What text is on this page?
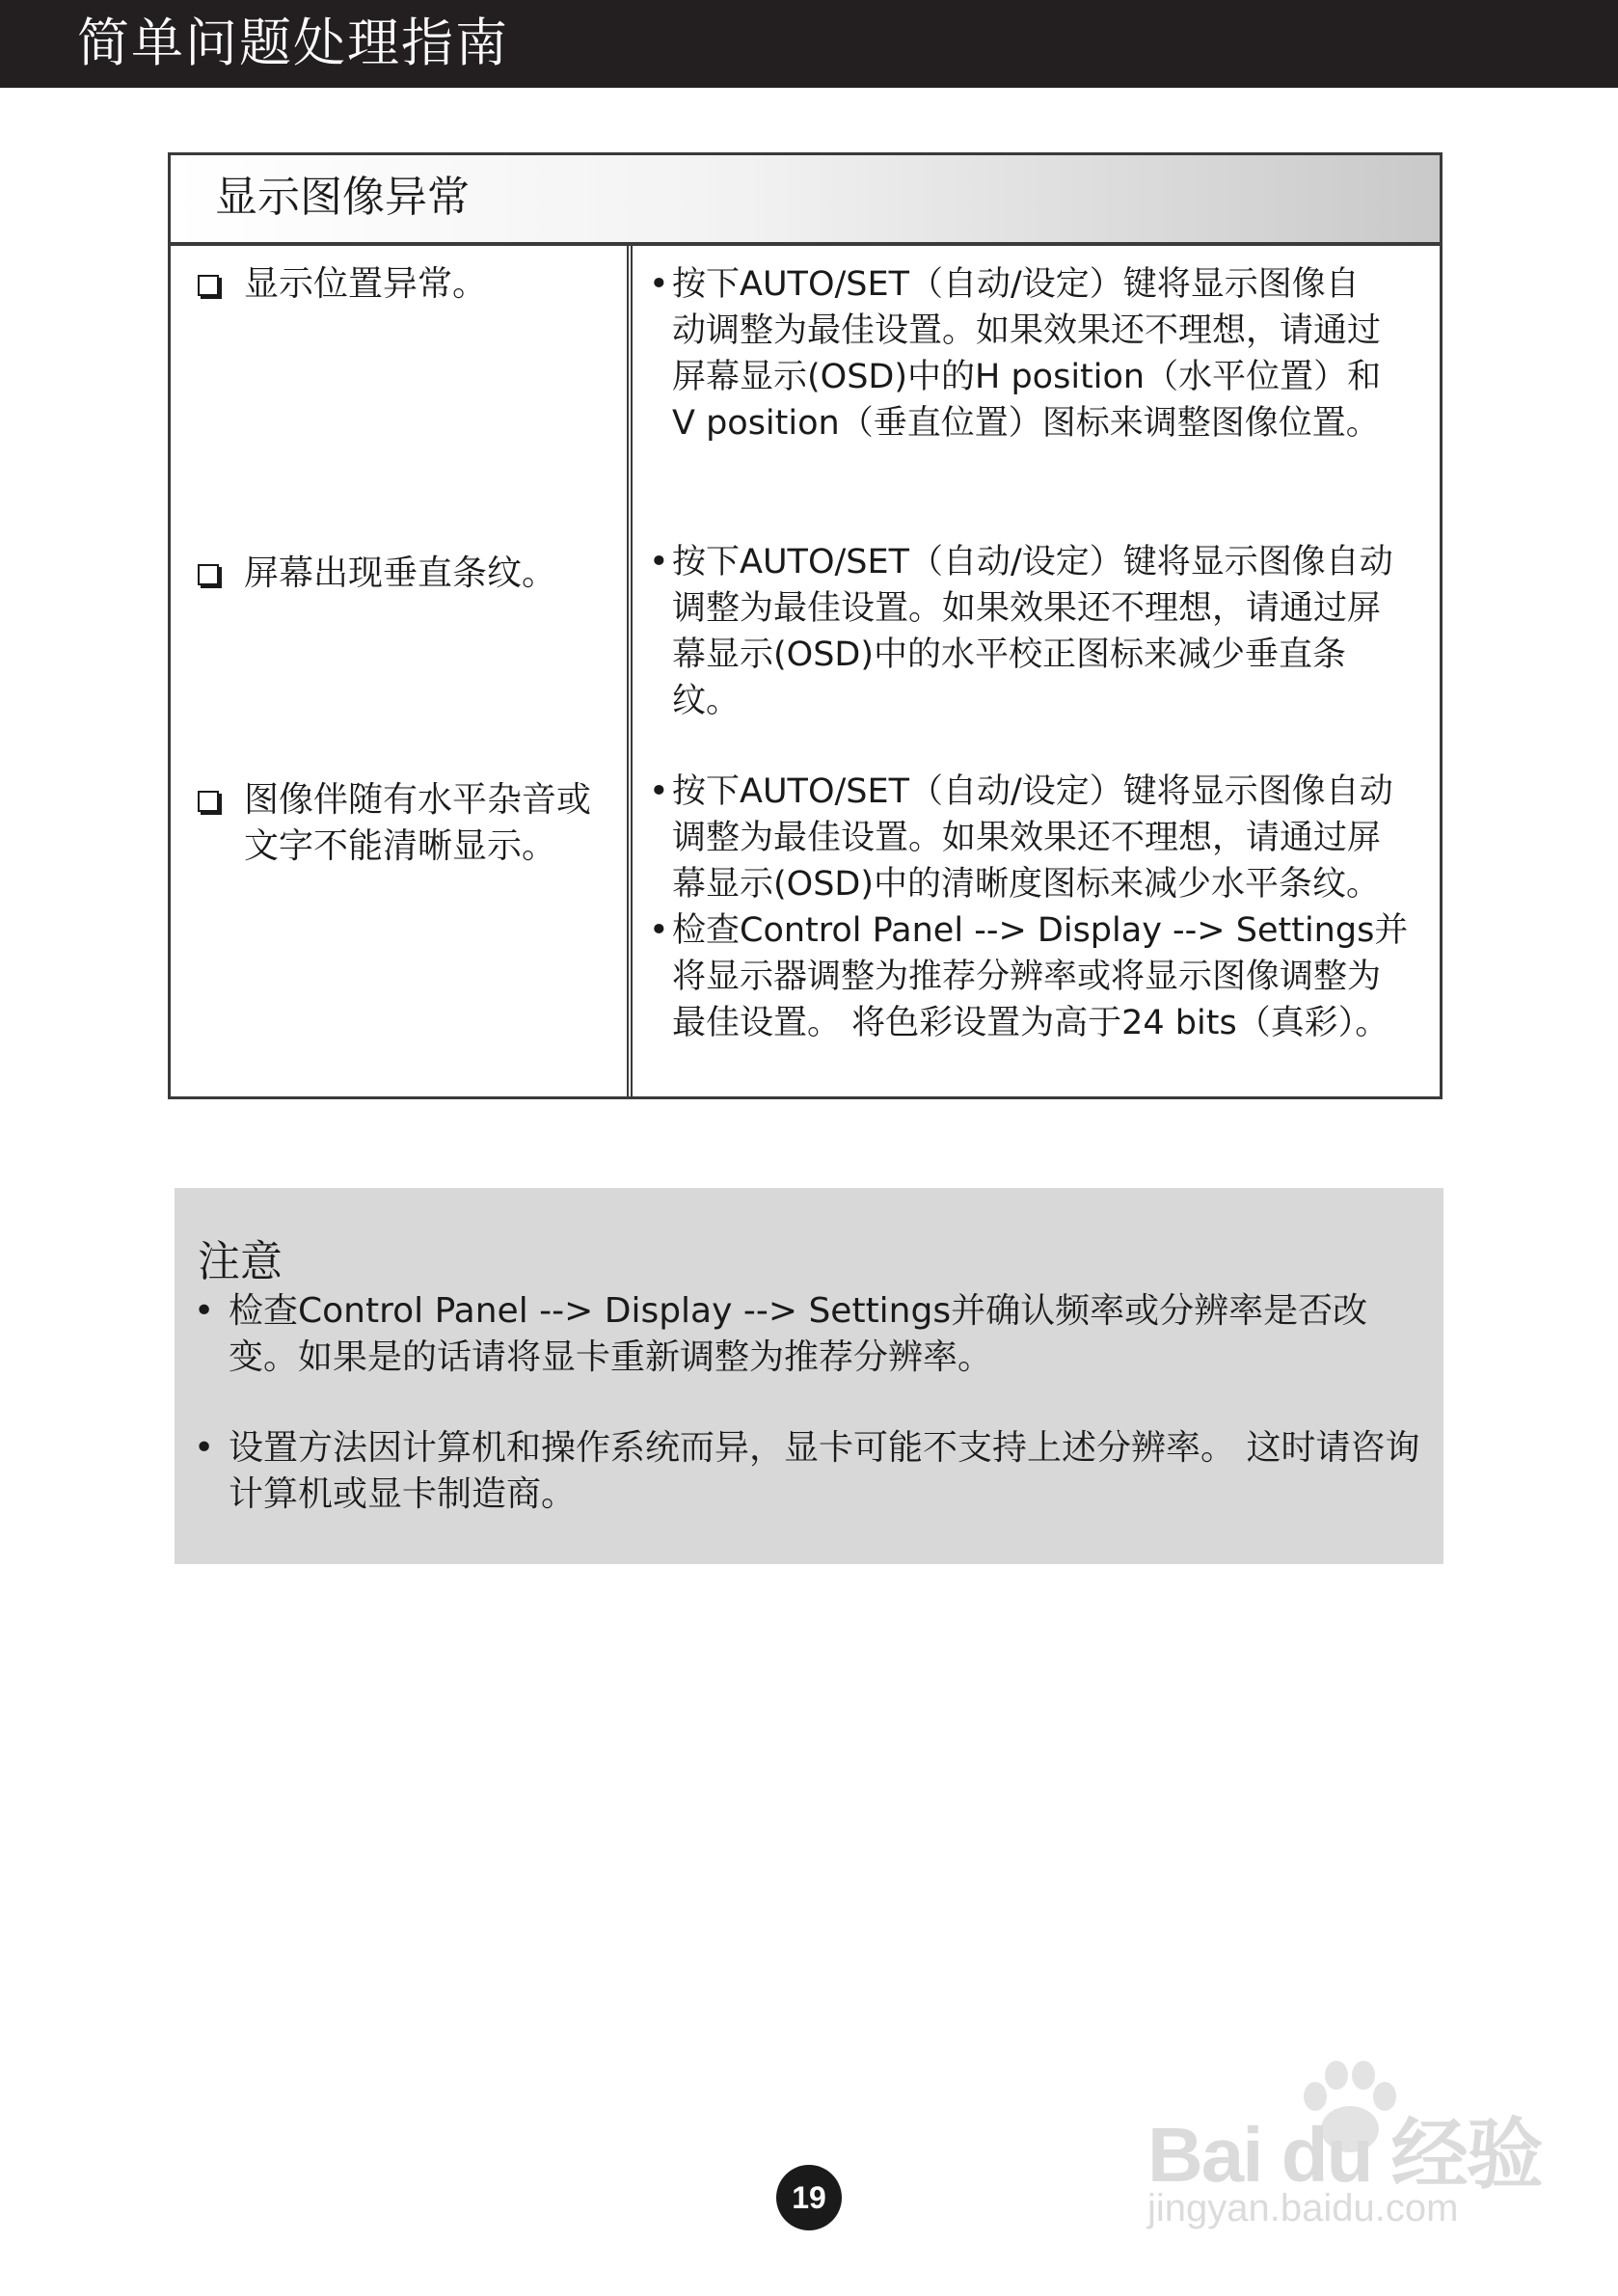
简单问题处理指南
显示图像异常
显示位置异常。	• 按下AUTO/SET（自动/设定）键将显示图像自动调整为最佳设置。如果效果还不理想，请通过屏幕显示(OSD)中的H position（水平位置）和V position（垂直位置）图标来调整图像位置。
屏幕出现垂直条纹。	• 按下AUTO/SET（自动/设定）键将显示图像自动调整为最佳设置。如果效果还不理想，请通过屏幕显示(OSD)中的水平校正图标来减少垂直条纹。
图像伴随有水平杂音或文字不能清晰显示。
• 按下AUTO/SET（自动/设定）键将显示图像自动调整为最佳设置。如果效果还不理想，请通过屏幕显示(OSD)中的清晰度图标来减少水平条纹。
• 检查Control Panel --> Display --> Settings并将显示器调整为推荐分辨率或将显示图像调整为最佳设置。 将色彩设置为高于24 bits（真彩）。
注意
• 检查Control Panel --> Display --> Settings并确认频率或分辨率是否改变。如果是的话请将显卡重新调整为推荐分辨率。
• 设置方法因计算机和操作系统而异，显卡可能不支持上述分辨率。 这时请咨询计算机或显卡制造商。
Bai du 经验
jingyan.baidu.com
19
